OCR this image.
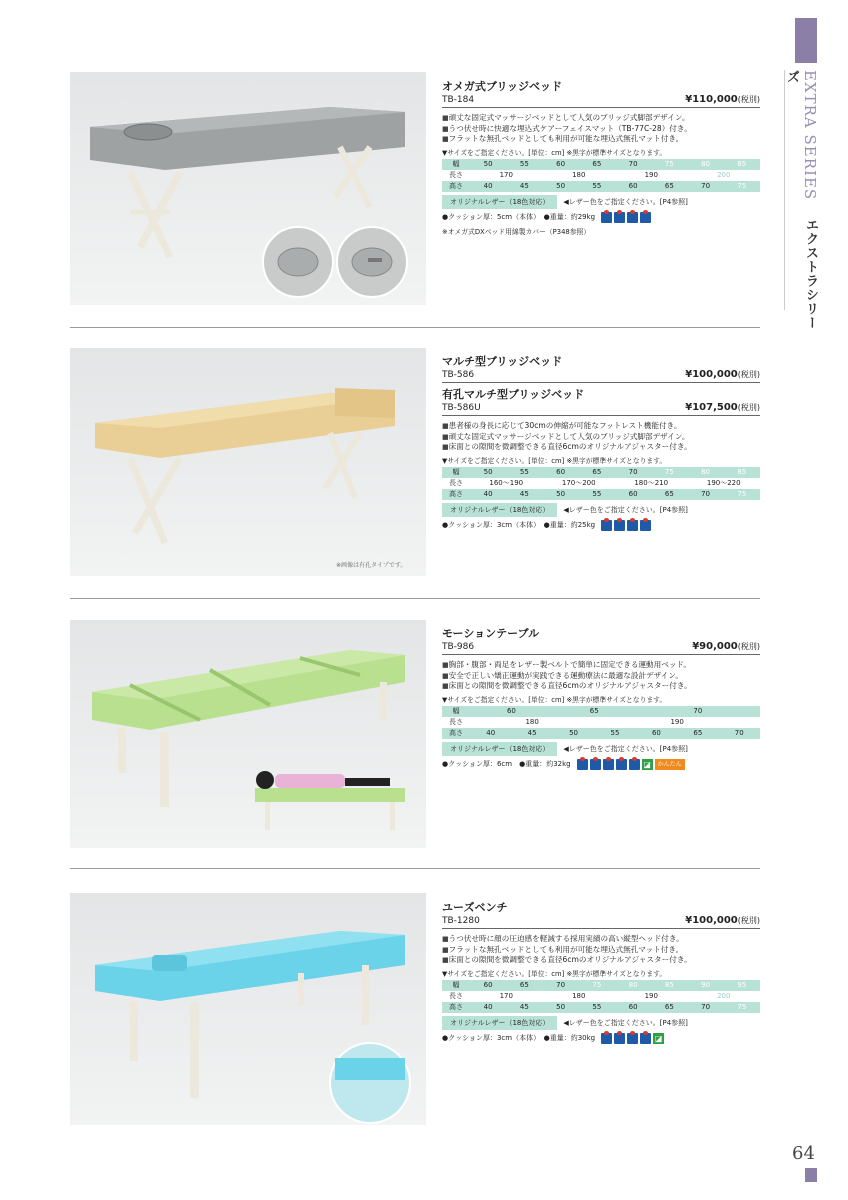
EXTRA SERIES エクストラシリーズ
64

オメガ式ブリッジベッド

TB-184	¥110,000(税別)

■ 頑丈な固定式マッサージベッドとして人気のブリッジ式脚部デザイン。

■ うつ伏せ時に快適な埋込式ケアーフェイスマット（TB-77C-28）付き。

■ フラットな無孔ベッドとしても利用が可能な埋込式無孔マット付き。

▼サイズをご指定ください。[単位：cm] ※黒字が標準サイズとなります。
幅	50	55	60	65	70	75	80	85
長さ	170		180		190		200	
高さ	40	45	50	55	60	65	70	75
オリジナルレザー（18色対応）	◀レザー色をご指定ください。[P4参照]
●クッション厚：5cm（本体）　●重量：約29kg
※オメガ式DXベッド用綿製カバー（P348参照）
※画像は有孔タイプです。

マルチ型ブリッジベッド

TB-586	¥100,000(税別)

有孔マルチ型ブリッジベッド

TB-586U	¥107,500(税別)

■ 患者様の身長に応じて30cmの伸縮が可能なフットレスト機能付き。

■ 頑丈な固定式マッサージベッドとして人気のブリッジ式脚部デザイン。

■ 床面との隙間を微調整できる直径6cmのオリジナルアジャスター付き。

▼サイズをご指定ください。[単位：cm] ※黒字が標準サイズとなります。
幅	50	55	60	65	70	75	80	85
長さ	160〜190		170〜200		180〜210		190〜220	
高さ	40	45	50	55	60	65	70	75
オリジナルレザー（18色対応）	◀レザー色をご指定ください。[P4参照]
●クッション厚：3cm（本体）　●重量：約25kg

モーションテーブル

TB-986	¥90,000(税別)

■ 胸部・腹部・両足をレザー製ベルトで簡単に固定できる運動用ベッド。

■ 安全で正しい矯正運動が実践できる運動療法に最適な設計デザイン。

■ 床面との隙間を微調整できる直径6cmのオリジナルアジャスター付き。

▼サイズをご指定ください。[単位：cm] ※黒字が標準サイズとなります。
幅	60		65		70		
長さ	180			190			
高さ	40	45	50	55	60	65	70
オリジナルレザー（18色対応）	◀レザー色をご指定ください。[P4参照]
●クッション厚：6cm　●重量：約32kg	◪	かんたん

ユーズベンチ

TB-1280	¥100,000(税別)

■ うつ伏せ時に顔の圧迫感を軽減する採用実績の高い縦型ヘッド付き。

■ フラットな無孔ベッドとしても利用が可能な埋込式無孔マット付き。

■ 床面との隙間を微調整できる直径6cmのオリジナルアジャスター付き。

▼サイズをご指定ください。[単位：cm] ※黒字が標準サイズとなります。
幅	60	65	70	75	80	85	90	95
長さ	170		180		190		200	
高さ	40	45	50	55	60	65	70	75
オリジナルレザー（18色対応）	◀レザー色をご指定ください。[P4参照]
●クッション厚：3cm（本体）　●重量：約30kg	◪
